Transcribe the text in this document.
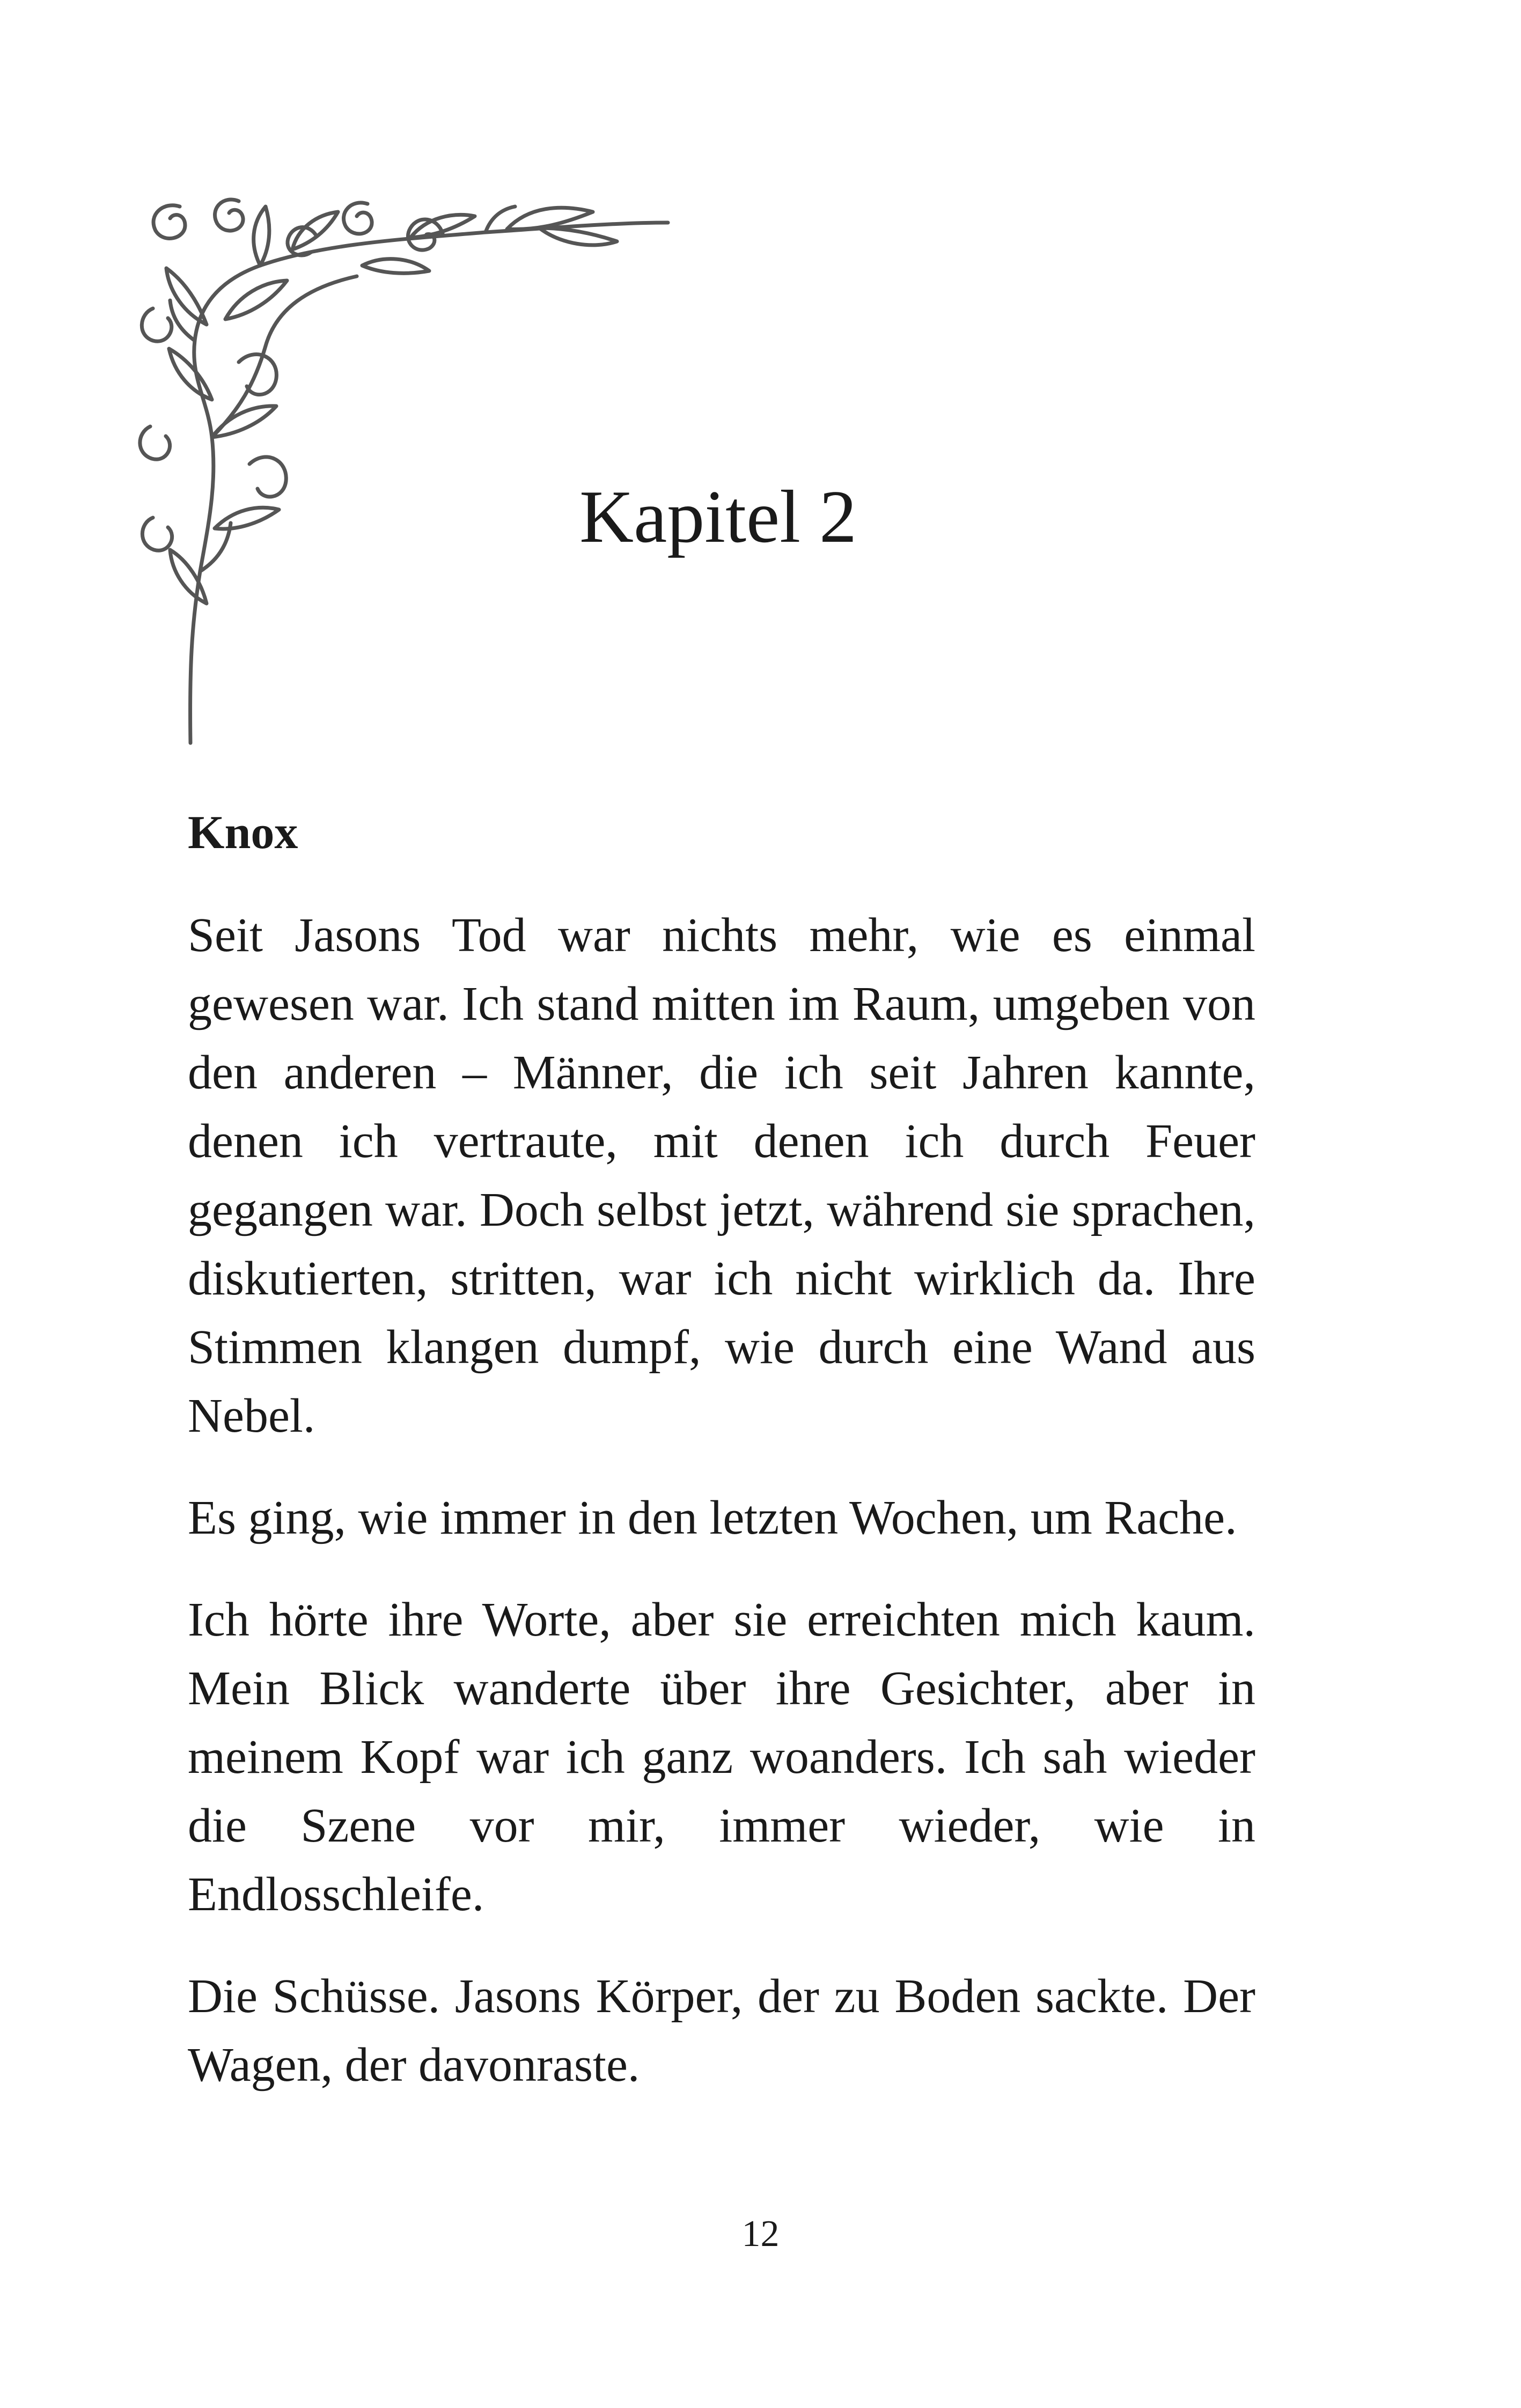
Kapitel 2
Knox

Seit Jasons Tod war nichts mehr, wie es einmal gewesen war. Ich stand mitten im Raum, umgeben von den anderen – Männer, die ich seit Jahren kannte, denen ich vertraute, mit denen ich durch Feuer gegangen war. Doch selbst jetzt, während sie sprachen, diskutierten, stritten, war ich nicht wirklich da. Ihre Stimmen klangen dumpf, wie durch eine Wand aus Nebel.

Es ging, wie immer in den letzten Wochen, um Rache.

Ich hörte ihre Worte, aber sie erreichten mich kaum. Mein Blick wanderte über ihre Gesichter, aber in meinem Kopf war ich ganz woanders. Ich sah wieder die Szene vor mir, immer wieder, wie in Endlosschleife.

Die Schüsse. Jasons Körper, der zu Boden sackte. Der Wagen, der davonraste.

12
